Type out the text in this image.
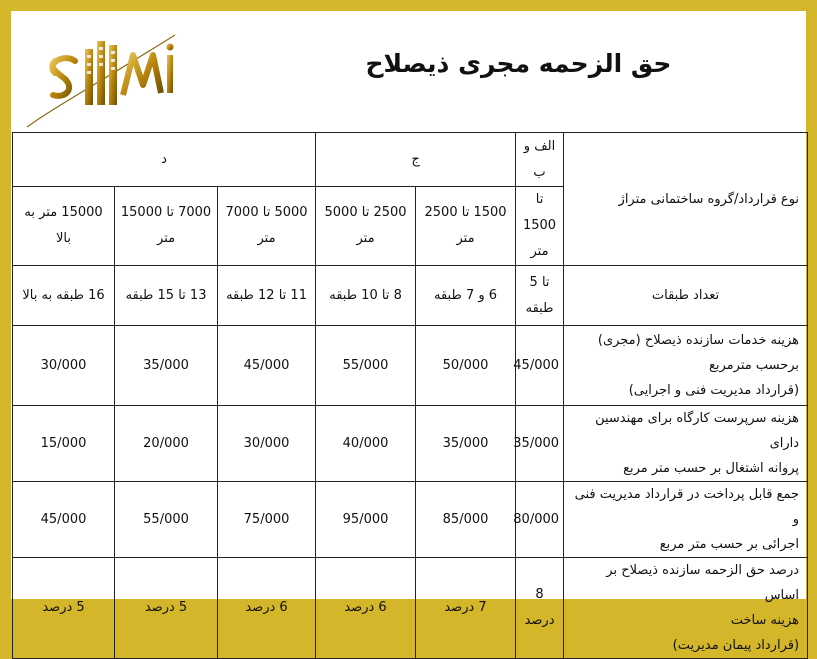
حق الزحمه مجری ذیصلاح
نوع قرارداد/گروه ساختمانی متراژ	الف و ب	ج		د		
	تا 1500 متر	1500 تا 2500 متر	2500 تا 5000 متر	5000 تا 7000 متر	7000 تا 15000 متر	15000 متر به بالا
تعداد طبقات	تا 5 طبقه	6 و 7 طبقه	8 تا 10 طبقه	11 تا 12 طبقه	13 تا 15 طبقه	16 طبقه به بالا

هزینه خدمات سازنده ذیصلاح (مجری)
برحسب مترمربع
(قرارداد مدیریت فنی و اجرایی)	45/000	50/000	55/000	45/000	35/000	30/000

هزینه سرپرست کارگاه برای مهندسین دارای
پروانه اشتغال بر حسب متر مربع	35/000	35/000	40/000	30/000	20/000	15/000

جمع قابل پرداخت در قرارداد مدیریت فنی و
اجرائی بر حسب متر مربع	80/000	85/000	95/000	75/000	55/000	45/000

درصد حق الزحمه سازنده ذیصلاح بر اساس
هزینه ساخت
(قرارداد پیمان مدیریت)	8 درصد	7 درصد	6 درصد	6 درصد	5 درصد	5 درصد
